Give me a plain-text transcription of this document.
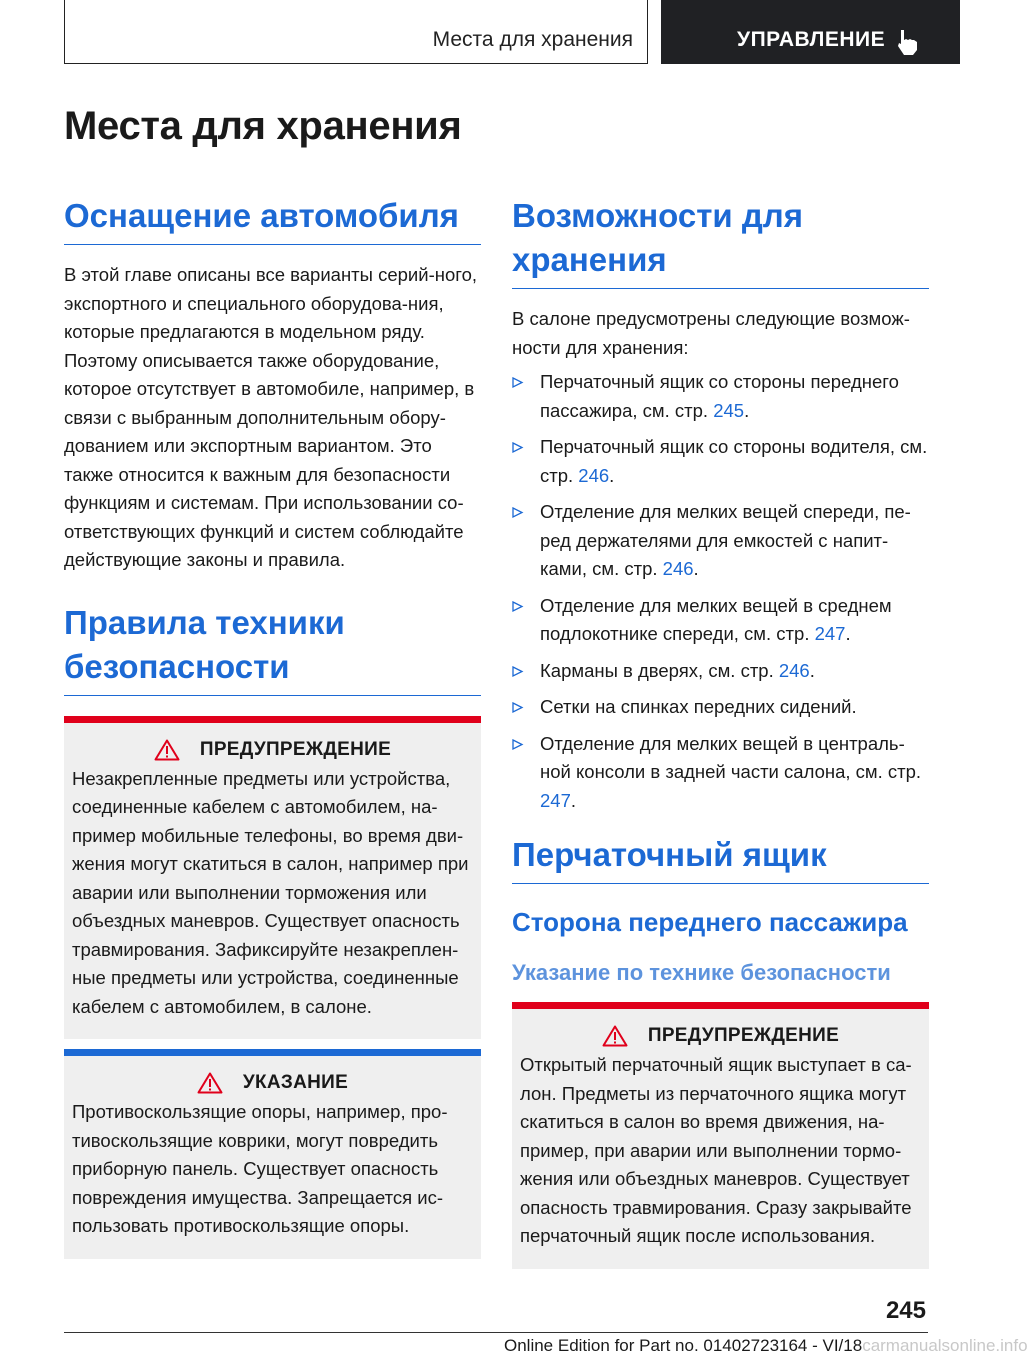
Места для хранения	УПРАВЛЕНИЕ
Места для хранения
Оснащение автомобиля

В этой главе описаны все варианты серий-ного, экспортного и специального оборудова-ния, которые предлагаются в модельном ряду. Поэтому описывается также оборудование, которое отсутствует в автомобиле, например, в связи с выбранным дополнительным обору-дованием или экспортным вариантом. Это также относится к важным для безопасности функциям и системам. При использовании со-ответствующих функций и систем соблюдайте действующие законы и правила.

Правила техники безопасности
ПРЕДУПРЕЖДЕНИЕ

Незакрепленные предметы или устройства, соединенные кабелем с автомобилем, на-пример мобильные телефоны, во время дви-жения могут скатиться в салон, например при аварии или выполнении торможения или объездных маневров. Существует опасность травмирования. Зафиксируйте незакреплен-ные предметы или устройства, соединенные кабелем с автомобилем, в салоне.

УКАЗАНИЕ

Противоскользящие опоры, например, про-тивоскользящие коврики, могут повредить приборную панель. Существует опасность повреждения имущества. Запрещается ис-пользовать противоскользящие опоры.

Возможности для хранения

В салоне предусмотрены следующие возмож-ности для хранения:

Перчаточный ящик со стороны переднего пассажира, см. стр. 245.
Перчаточный ящик со стороны водителя, см. стр. 246.
Отделение для мелких вещей спереди, пе-ред держателями для емкостей с напит-ками, см. стр. 246.
Отделение для мелких вещей в среднем подлокотнике спереди, см. стр. 247.
Карманы в дверях, см. стр. 246.
Сетки на спинках передних сидений.
Отделение для мелких вещей в централь-ной консоли в задней части салона, см. стр. 247.
Перчаточный ящик
Сторона переднего пассажира
Указание по технике безопасности
ПРЕДУПРЕЖДЕНИЕ

Открытый перчаточный ящик выступает в са-лон. Предметы из перчаточного ящика могут скатиться в салон во время движения, на-пример, при аварии или выполнении тормо-жения или объездных маневров. Существует опасность травмирования. Сразу закрывайте перчаточный ящик после использования.

245
Online Edition for Part no. 01402723164 - VI/18carmanualsonline.info
